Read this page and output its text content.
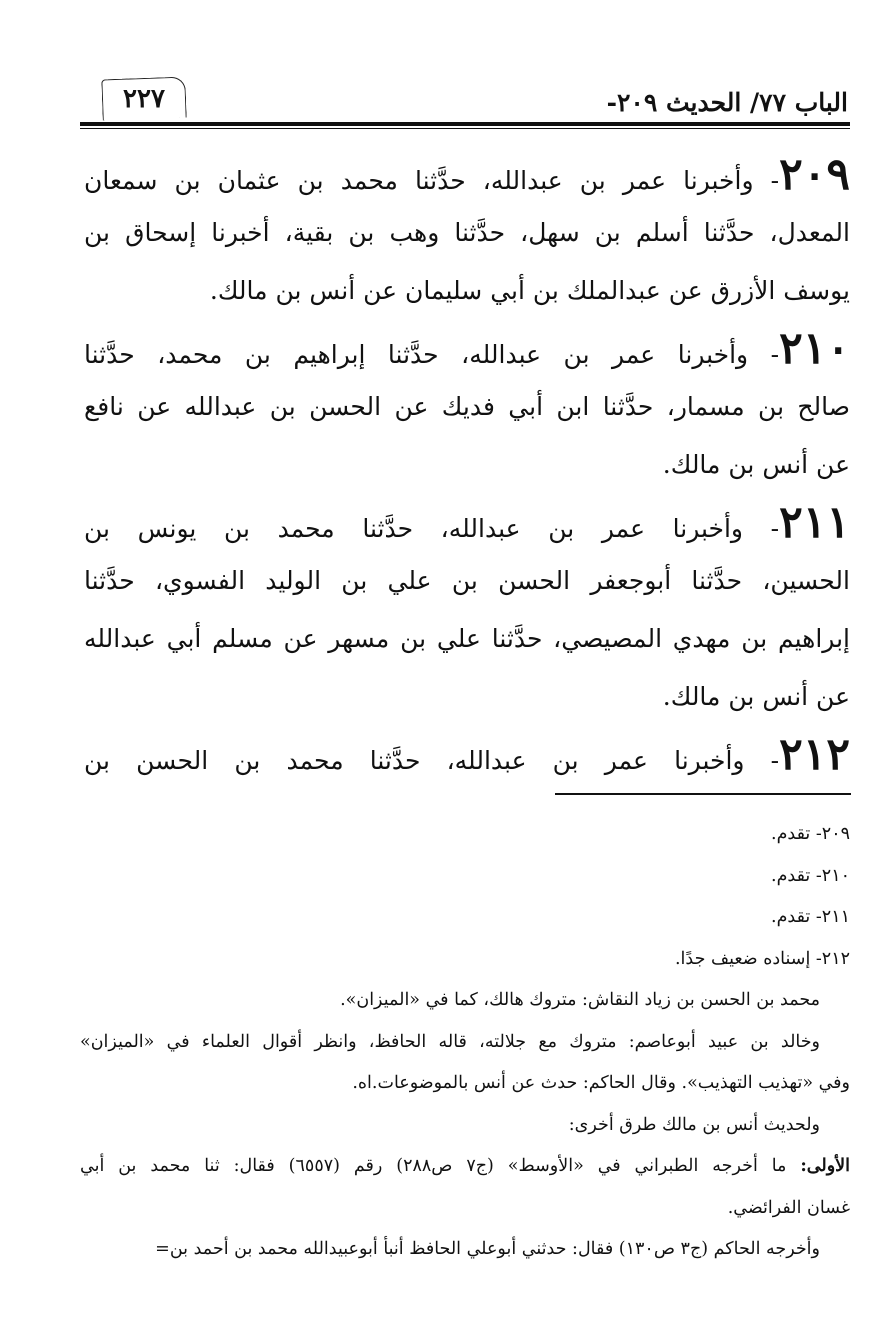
الباب ٧٧/ الحديث ٢٠٩-
٢٢٧
٢٠٩- وأخبرنا عمر بن عبدالله، حدَّثنا محمد بن عثمان بن سمعان
المعدل، حدَّثنا أسلم بن سهل، حدَّثنا وهب بن بقية، أخبرنا إسحاق بن
يوسف الأزرق عن عبدالملك بن أبي سليمان عن أنس بن مالك.
٢١٠- وأخبرنا عمر بن عبدالله، حدَّثنا إبراهيم بن محمد، حدَّثنا
صالح بن مسمار، حدَّثنا ابن أبي فديك عن الحسن بن عبدالله عن نافع
عن أنس بن مالك.
٢١١- وأخبرنا عمر بن عبدالله، حدَّثنا محمد بن يونس بن
الحسين، حدَّثنا أبوجعفر الحسن بن علي بن الوليد الفسوي، حدَّثنا
إبراهيم بن مهدي المصيصي، حدَّثنا علي بن مسهر عن مسلم أبي عبدالله
عن أنس بن مالك.
٢١٢- وأخبرنا عمر بن عبدالله، حدَّثنا محمد بن الحسن بن
٢٠٩- تقدم.
٢١٠- تقدم.
٢١١- تقدم.
٢١٢- إسناده ضعيف جدًا.
محمد بن الحسن بن زياد النقاش: متروك هالك، كما في «الميزان».
وخالد بن عبيد أبوعاصم: متروك مع جلالته، قاله الحافظ، وانظر أقوال العلماء في «الميزان»
وفي «تهذيب التهذيب». وقال الحاكم: حدث عن أنس بالموضوعات.اه.
ولحديث أنس بن مالك طرق أخرى:
الأولى: ما أخرجه الطبراني في «الأوسط» (ج٧ ص٢٨٨) رقم (٦٥٥٧) فقال: ثنا محمد بن أبي
غسان الفرائضي.
وأخرجه الحاكم (ج٣ ص١٣٠) فقال: حدثني أبوعلي الحافظ أنبأ أبوعبيدالله محمد بن أحمد بن=
